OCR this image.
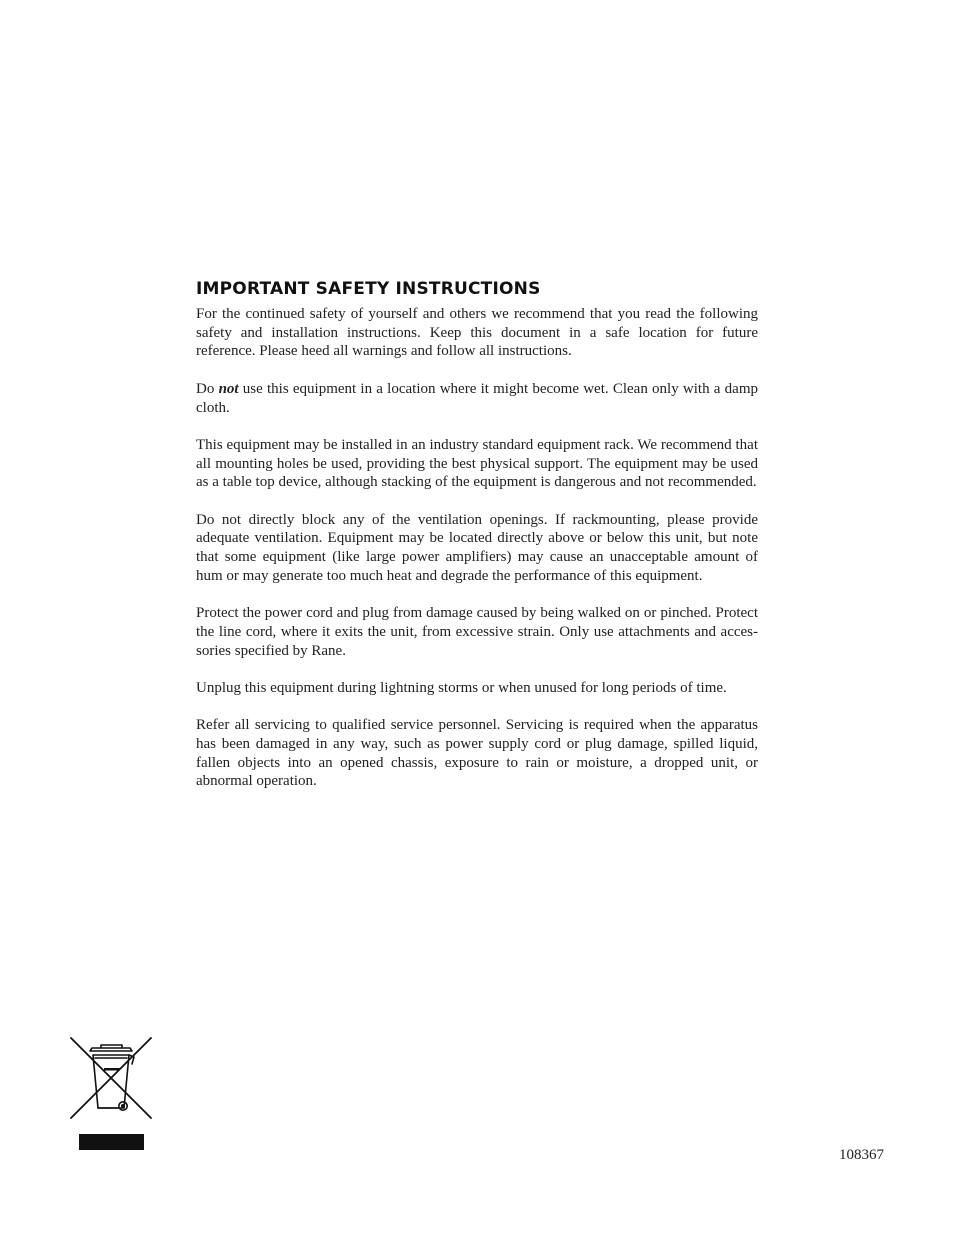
IMPORTANT SAFETY INSTRUCTIONS

For the continued safety of yourself and others we recommend that you read the following safety and installation instructions. Keep this document in a safe location for future reference. Please heed all warnings and follow all instructions.

Do not use this equipment in a location where it might become wet. Clean only with a damp cloth.

This equipment may be installed in an industry standard equipment rack. We recommend that all mounting holes be used, providing the best physical support. The equipment may be used as a table top device, although stacking of the equipment is dangerous and not recommended.

Do not directly block any of the ventilation openings. If rackmounting, please provide adequate ventilation. Equipment may be located directly above or below this unit, but note that some equipment (like large power amplifiers) may cause an unacceptable amount of hum or may generate too much heat and degrade the performance of this equipment.

Protect the power cord and plug from damage caused by being walked on or pinched. Protect the line cord, where it exits the unit, from excessive strain. Only use attachments and accessories specified by Rane.

Unplug this equipment during lightning storms or when unused for long periods of time.

Refer all servicing to qualified service personnel. Servicing is required when the apparatus has been damaged in any way, such as power supply cord or plug damage, spilled liquid, fallen objects into an opened chassis, exposure to rain or moisture, a dropped unit, or abnormal operation.

108367
